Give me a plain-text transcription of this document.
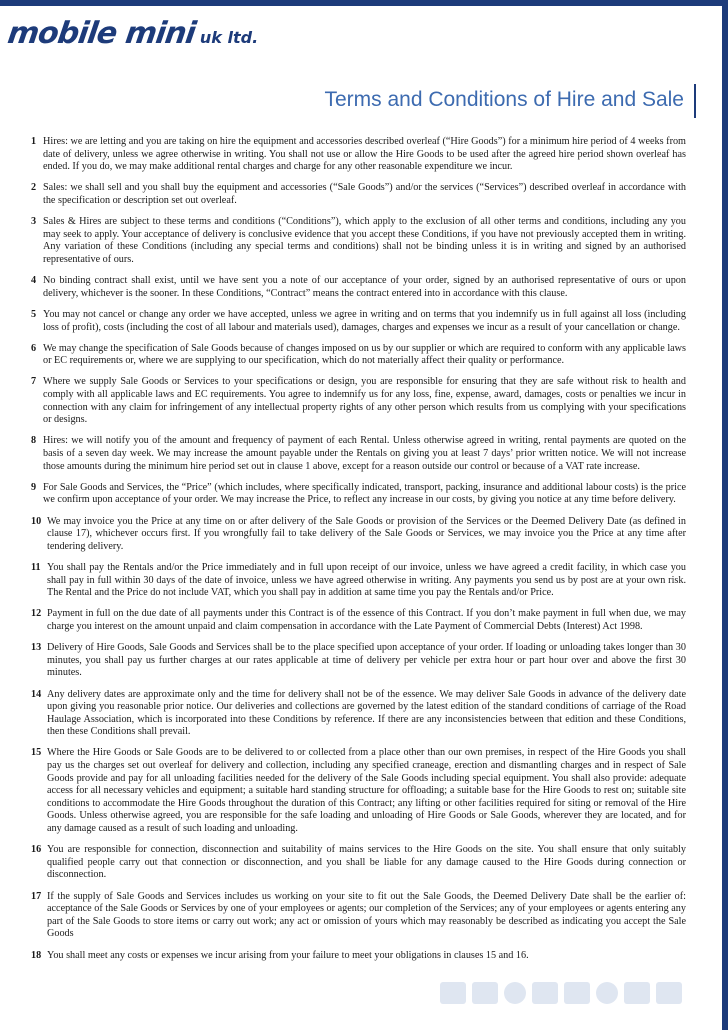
mobile mini uk ltd.
Terms and Conditions of Hire and Sale
1 Hires: we are letting and you are taking on hire the equipment and accessories described overleaf (“Hire Goods”) for a minimum hire period of 4 weeks from date of delivery, unless we agree otherwise in writing. You shall not use or allow the Hire Goods to be used after the agreed hire period shown overleaf has ended. If you do, we may make additional rental charges and charge for any other reasonable expenditure we incur.
2 Sales: we shall sell and you shall buy the equipment and accessories (“Sale Goods”) and/or the services (“Services”) described overleaf in accordance with the specification or description set out overleaf.
3 Sales & Hires are subject to these terms and conditions (“Conditions”), which apply to the exclusion of all other terms and conditions, including any you may seek to apply. Your acceptance of delivery is conclusive evidence that you accept these Conditions, if you have not previously accepted them in writing. Any variation of these Conditions (including any special terms and conditions) shall not be binding unless it is in writing and signed by an authorised representative of ours.
4 No binding contract shall exist, until we have sent you a note of our acceptance of your order, signed by an authorised representative of ours or upon delivery, whichever is the sooner. In these Conditions, “Contract” means the contract entered into in accordance with this clause.
5 You may not cancel or change any order we have accepted, unless we agree in writing and on terms that you indemnify us in full against all loss (including loss of profit), costs (including the cost of all labour and materials used), damages, charges and expenses we incur as a result of your cancellation or change.
6 We may change the specification of Sale Goods because of changes imposed on us by our supplier or which are required to conform with any applicable laws or EC requirements or, where we are supplying to our specification, which do not materially affect their quality or performance.
7 Where we supply Sale Goods or Services to your specifications or design, you are responsible for ensuring that they are safe without risk to health and comply with all applicable laws and EC requirements. You agree to indemnify us for any loss, fine, expense, award, damages, costs or penalties we incur in connection with any claim for infringement of any intellectual property rights of any other person which results from us complying with your specifications or designs.
8 Hires: we will notify you of the amount and frequency of payment of each Rental. Unless otherwise agreed in writing, rental payments are quoted on the basis of a seven day week. We may increase the amount payable under the Rentals on giving you at least 7 days’ prior written notice. We will not increase those amounts during the minimum hire period set out in clause 1 above, except for a reason outside our control or because of a VAT rate increase.
9 For Sale Goods and Services, the “Price” (which includes, where specifically indicated, transport, packing, insurance and additional labour costs) is the price we confirm upon acceptance of your order. We may increase the Price, to reflect any increase in our costs, by giving you notice at any time before delivery.
10 We may invoice you the Price at any time on or after delivery of the Sale Goods or provision of the Services or the Deemed Delivery Date (as defined in clause 17), whichever occurs first. If you wrongfully fail to take delivery of the Sale Goods or Services, we may invoice you the Price at any time after tendering delivery.
11 You shall pay the Rentals and/or the Price immediately and in full upon receipt of our invoice, unless we have agreed a credit facility, in which case you shall pay in full within 30 days of the date of invoice, unless we have agreed otherwise in writing. Any payments you send us by post are at your own risk. The Rental and the Price do not include VAT, which you shall pay in addition at same time you pay the Rentals and/or Price.
12 Payment in full on the due date of all payments under this Contract is of the essence of this Contract. If you don’t make payment in full when due, we may charge you interest on the amount unpaid and claim compensation in accordance with the Late Payment of Commercial Debts (Interest) Act 1998.
13 Delivery of Hire Goods, Sale Goods and Services shall be to the place specified upon acceptance of your order. If loading or unloading takes longer than 30 minutes, you shall pay us further charges at our rates applicable at time of delivery per vehicle per extra hour or part hour over and above the first 30 minutes.
14 Any delivery dates are approximate only and the time for delivery shall not be of the essence. We may deliver Sale Goods in advance of the delivery date upon giving you reasonable prior notice. Our deliveries and collections are governed by the latest edition of the standard conditions of carriage of the Road Haulage Association, which is incorporated into these Conditions by reference. If there are any inconsistencies between that edition and these Conditions, then these Conditions shall prevail.
15 Where the Hire Goods or Sale Goods are to be delivered to or collected from a place other than our own premises, in respect of the Hire Goods you shall pay us the charges set out overleaf for delivery and collection, including any specified craneage, erection and dismantling charges and in respect of Sale Goods provide and pay for all unloading facilities needed for the delivery of the Sale Goods including special equipment. You shall also provide: adequate access for all necessary vehicles and equipment; a suitable hard standing structure for offloading; a suitable base for the Hire Goods to rest on; suitable site conditions to accommodate the Hire Goods throughout the duration of this Contract; any lifting or other facilities required for siting or removal of the Hire Goods. Unless otherwise agreed, you are responsible for the safe loading and unloading of Hire Goods or Sale Goods, wherever they are located, and for any damage caused as a result of such loading and unloading.
16 You are responsible for connection, disconnection and suitability of mains services to the Hire Goods on the site. You shall ensure that only suitably qualified people carry out that connection or disconnection, and you shall be liable for any damage caused to the Hire Goods during connection or disconnection.
17 If the supply of Sale Goods and Services includes us working on your site to fit out the Sale Goods, the Deemed Delivery Date shall be the earlier of: acceptance of the Sale Goods or Services by one of your employees or agents; our completion of the Services; any of your employees or agents entering any part of the Sale Goods to store items or carry out work; any act or omission of yours which may reasonably be described as indicating you accept the Sale Goods
18 You shall meet any costs or expenses we incur arising from your failure to meet your obligations in clauses 15 and 16.
